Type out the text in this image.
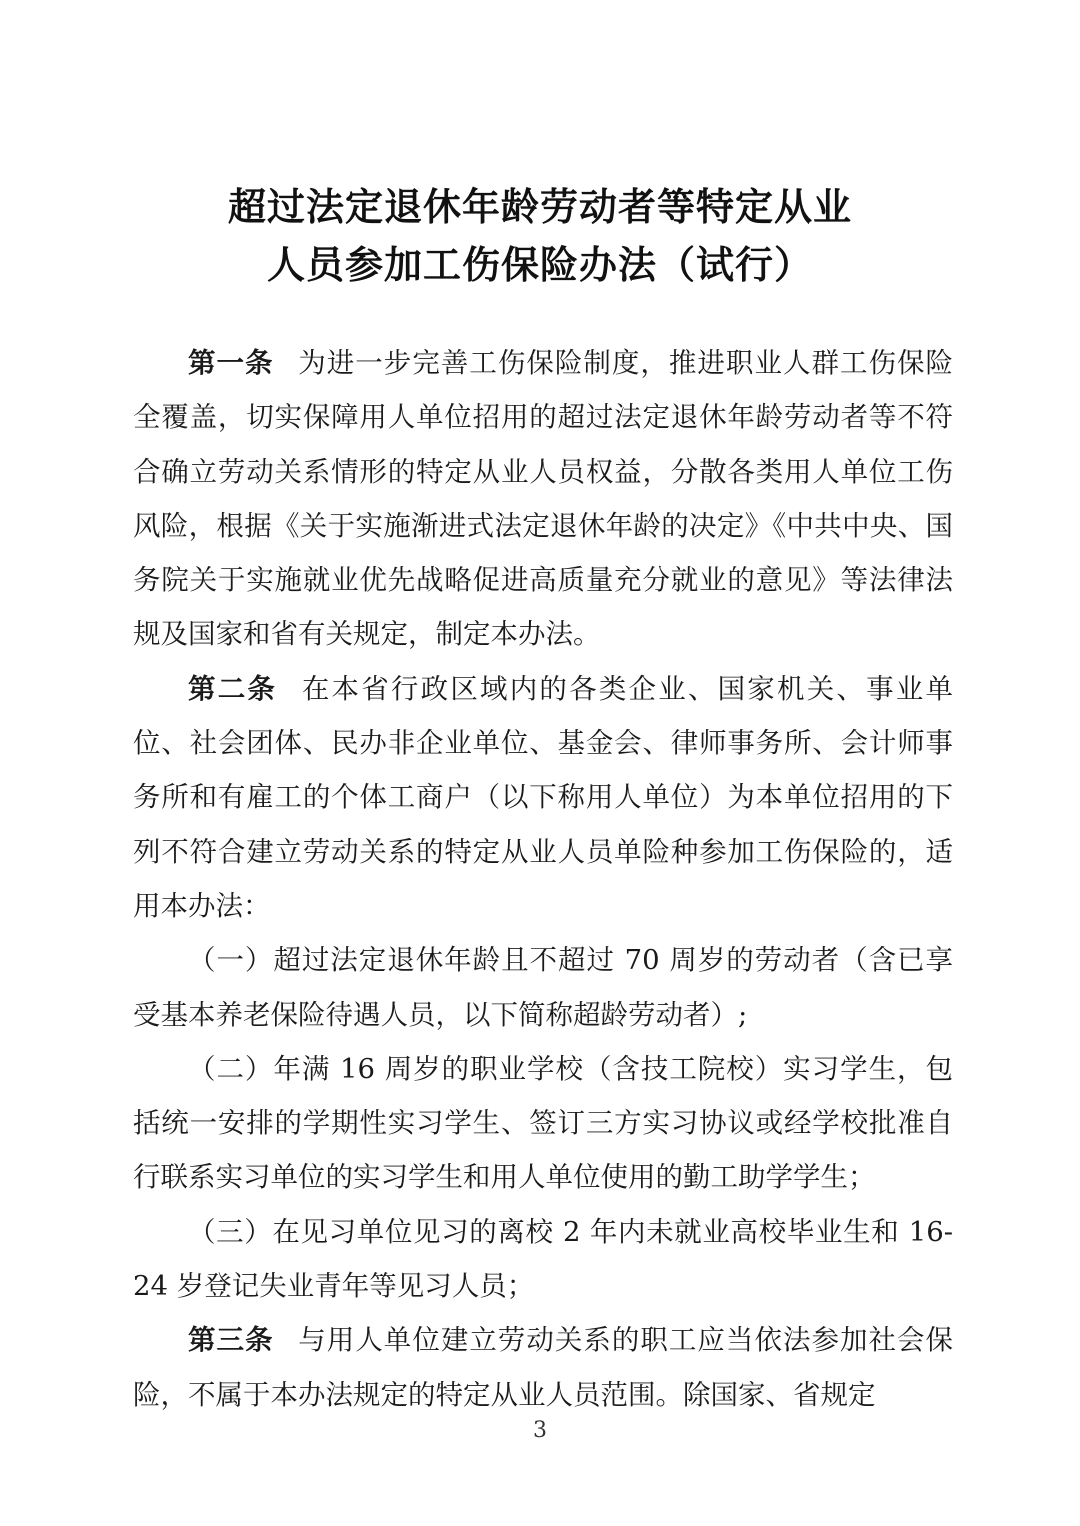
超过法定退休年龄劳动者等特定从业
人员参加工伤保险办法（试行）

第一条 为进一步完善工伤保险制度，推进职业人群工伤保险全覆盖，切实保障用人单位招用的超过法定退休年龄劳动者等不符合确立劳动关系情形的特定从业人员权益，分散各类用人单位工伤风险，根据《关于实施渐进式法定退休年龄的决定》《中共中央、国务院关于实施就业优先战略促进高质量充分就业的意见》等法律法规及国家和省有关规定，制定本办法。

第二条 在本省行政区域内的各类企业、国家机关、事业单位、社会团体、民办非企业单位、基金会、律师事务所、会计师事务所和有雇工的个体工商户（以下称用人单位）为本单位招用的下列不符合建立劳动关系的特定从业人员单险种参加工伤保险的，适用本办法：

（一）超过法定退休年龄且不超过 70 周岁的劳动者（含已享受基本养老保险待遇人员，以下简称超龄劳动者）;

（二）年满 16 周岁的职业学校（含技工院校）实习学生，包括统一安排的学期性实习学生、签订三方实习协议或经学校批准自行联系实习单位的实习学生和用人单位使用的勤工助学学生；

（三）在见习单位见习的离校 2 年内未就业高校毕业生和 16-24 岁登记失业青年等见习人员；

第三条 与用人单位建立劳动关系的职工应当依法参加社会保险，不属于本办法规定的特定从业人员范围。除国家、省规定

3
